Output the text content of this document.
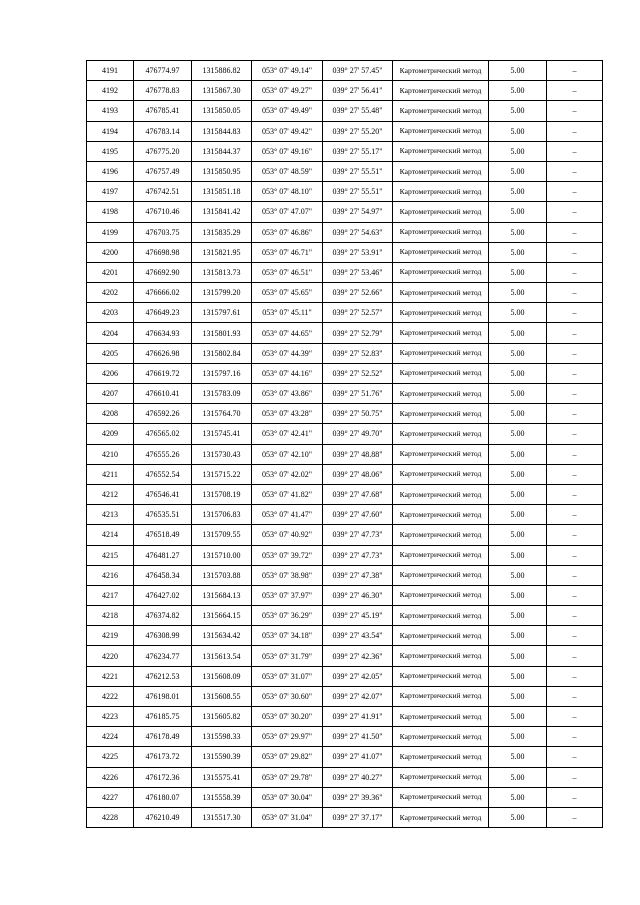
4191	476774.97	1315886.82	053° 07' 49.14"	039° 27' 57.45"	Картометрический метод	5.00	–
4192	476778.83	1315867.30	053° 07' 49.27"	039° 27' 56.41"	Картометрический метод	5.00	–
4193	476785.41	1315850.05	053° 07' 49.49"	039° 27' 55.48"	Картометрический метод	5.00	–
4194	476783.14	1315844.83	053° 07' 49.42"	039° 27' 55.20"	Картометрический метод	5.00	–
4195	476775.20	1315844.37	053° 07' 49.16"	039° 27' 55.17"	Картометрический метод	5.00	–
4196	476757.49	1315850.95	053° 07' 48.59"	039° 27' 55.51"	Картометрический метод	5.00	–
4197	476742.51	1315851.18	053° 07' 48.10"	039° 27' 55.51"	Картометрический метод	5.00	–
4198	476710.46	1315841.42	053° 07' 47.07"	039° 27' 54.97"	Картометрический метод	5.00	–
4199	476703.75	1315835.29	053° 07' 46.86"	039° 27' 54.63"	Картометрический метод	5.00	–
4200	476698.98	1315821.95	053° 07' 46.71"	039° 27' 53.91"	Картометрический метод	5.00	–
4201	476692.90	1315813.73	053° 07' 46.51"	039° 27' 53.46"	Картометрический метод	5.00	–
4202	476666.02	1315799.20	053° 07' 45.65"	039° 27' 52.66"	Картометрический метод	5.00	–
4203	476649.23	1315797.61	053° 07' 45.11"	039° 27' 52.57"	Картометрический метод	5.00	–
4204	476634.93	1315801.93	053° 07' 44.65"	039° 27' 52.79"	Картометрический метод	5.00	–
4205	476626.98	1315802.84	053° 07' 44.39"	039° 27' 52.83"	Картометрический метод	5.00	–
4206	476619.72	1315797.16	053° 07' 44.16"	039° 27' 52.52"	Картометрический метод	5.00	–
4207	476610.41	1315783.09	053° 07' 43.86"	039° 27' 51.76"	Картометрический метод	5.00	–
4208	476592.26	1315764.70	053° 07' 43.28"	039° 27' 50.75"	Картометрический метод	5.00	–
4209	476565.02	1315745.41	053° 07' 42.41"	039° 27' 49.70"	Картометрический метод	5.00	–
4210	476555.26	1315730.43	053° 07' 42.10"	039° 27' 48.88"	Картометрический метод	5.00	–
4211	476552.54	1315715.22	053° 07' 42.02"	039° 27' 48.06"	Картометрический метод	5.00	–
4212	476546.41	1315708.19	053° 07' 41.82"	039° 27' 47.68"	Картометрический метод	5.00	–
4213	476535.51	1315706.83	053° 07' 41.47"	039° 27' 47.60"	Картометрический метод	5.00	–
4214	476518.49	1315709.55	053° 07' 40.92"	039° 27' 47.73"	Картометрический метод	5.00	–
4215	476481.27	1315710.00	053° 07' 39.72"	039° 27' 47.73"	Картометрический метод	5.00	–
4216	476458.34	1315703.88	053° 07' 38.98"	039° 27' 47.38"	Картометрический метод	5.00	–
4217	476427.02	1315684.13	053° 07' 37.97"	039° 27' 46.30"	Картометрический метод	5.00	–
4218	476374.82	1315664.15	053° 07' 36.29"	039° 27' 45.19"	Картометрический метод	5.00	–
4219	476308.99	1315634.42	053° 07' 34.18"	039° 27' 43.54"	Картометрический метод	5.00	–
4220	476234.77	1315613.54	053° 07' 31.79"	039° 27' 42.36"	Картометрический метод	5.00	–
4221	476212.53	1315608.09	053° 07' 31.07"	039° 27' 42.05"	Картометрический метод	5.00	–
4222	476198.01	1315608.55	053° 07' 30.60"	039° 27' 42.07"	Картометрический метод	5.00	–
4223	476185.75	1315605.82	053° 07' 30.20"	039° 27' 41.91"	Картометрический метод	5.00	–
4224	476178.49	1315598.33	053° 07' 29.97"	039° 27' 41.50"	Картометрический метод	5.00	–
4225	476173.72	1315590.39	053° 07' 29.82"	039° 27' 41.07"	Картометрический метод	5.00	–
4226	476172.36	1315575.41	053° 07' 29.78"	039° 27' 40.27"	Картометрический метод	5.00	–
4227	476180.07	1315558.39	053° 07' 30.04"	039° 27' 39.36"	Картометрический метод	5.00	–
4228	476210.49	1315517.30	053° 07' 31.04"	039° 27' 37.17"	Картометрический метод	5.00	–
